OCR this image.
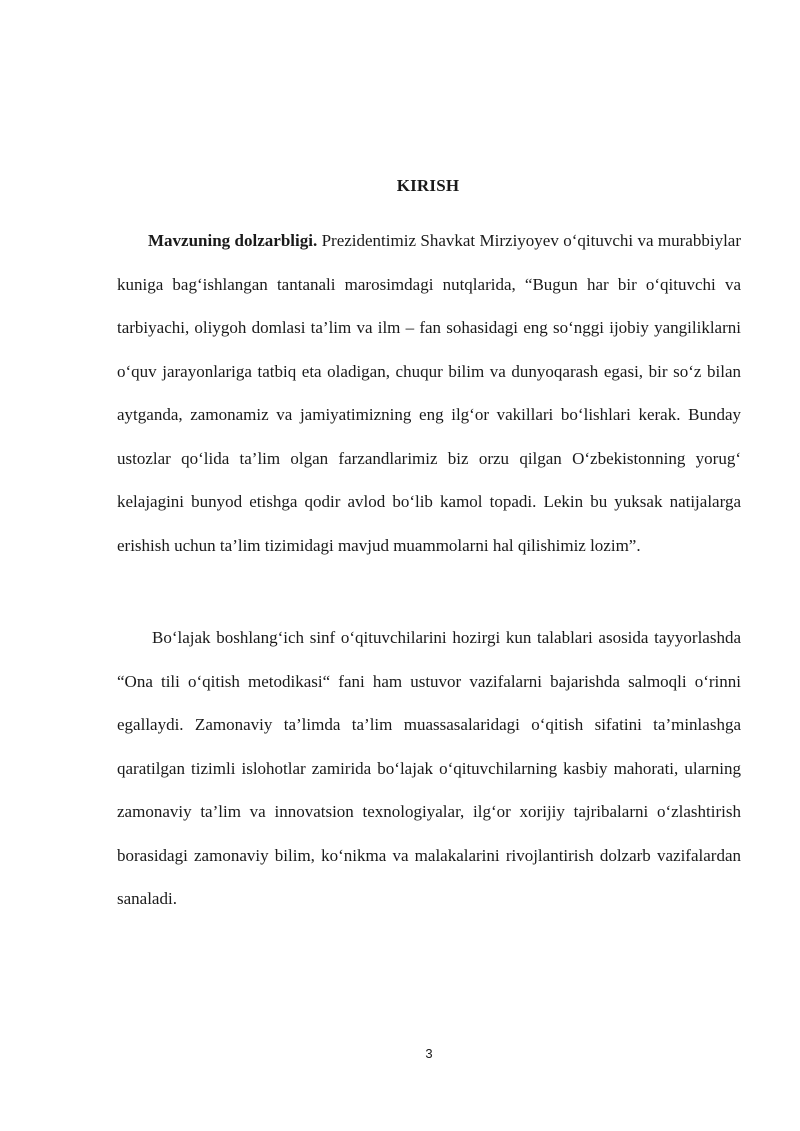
KIRISH

Mavzuning dolzarbligi. Prezidentimiz Shavkat Mirziyoyev o‘qituvchi va murabbiylar kuniga bag‘ishlangan tantanali marosimdagi nutqlarida, “Bugun har bir o‘qituvchi va tarbiyachi, oliygoh domlasi ta’lim va ilm – fan sohasidagi eng so‘nggi ijobiy yangiliklarni o‘quv jarayonlariga tatbiq eta oladigan, chuqur bilim va dunyoqarash egasi, bir so‘z bilan aytganda, zamonamiz va jamiyatimizning eng ilg‘or vakillari bo‘lishlari kerak. Bunday ustozlar qo‘lida ta’lim olgan farzandlarimiz biz orzu qilgan O‘zbekistonning yorug‘ kelajagini bunyod etishga qodir avlod bo‘lib kamol topadi. Lekin bu yuksak natijalarga erishish uchun ta’lim tizimidagi mavjud muammolarni hal qilishimiz lozim”.

Bo‘lajak boshlang‘ich sinf o‘qituvchilarini hozirgi kun talablari asosida tayyorlashda “Ona tili o‘qitish metodikasi“ fani ham ustuvor vazifalarni bajarishda salmoqli o‘rinni egallaydi. Zamonaviy ta’limda ta’lim muassasalaridagi o‘qitish sifatini ta’minlashga qaratilgan tizimli islohotlar zamirida bo‘lajak o‘qituvchilarning kasbiy mahorati, ularning zamonaviy ta’lim va innovatsion texnologiyalar, ilg‘or xorijiy tajribalarni o‘zlashtirish borasidagi zamonaviy bilim, ko‘nikma va malakalarini rivojlantirish dolzarb vazifalardan sanaladi.

3
